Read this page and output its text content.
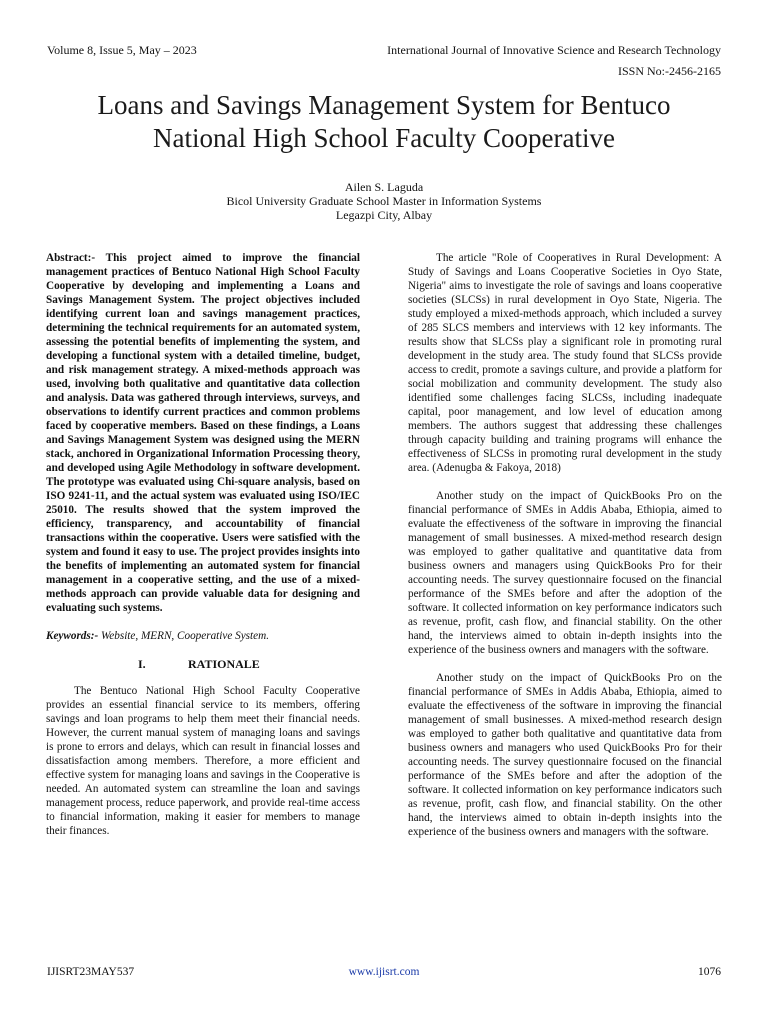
Volume 8, Issue 5, May – 2023	International Journal of Innovative Science and Research Technology
ISSN No:-2456-2165
Loans and Savings Management System for Bentuco
National High School Faculty Cooperative
Ailen S. Laguda
Bicol University Graduate School Master in Information Systems
Legazpi City, Albay

Abstract:- This project aimed to improve the financial management practices of Bentuco National High School Faculty Cooperative by developing and implementing a Loans and Savings Management System. The project objectives included identifying current loan and savings management practices, determining the technical requirements for an automated system, assessing the potential benefits of implementing the system, and developing a functional system with a detailed timeline, budget, and risk management strategy. A mixed-methods approach was used, involving both qualitative and quantitative data collection and analysis. Data was gathered through interviews, surveys, and observations to identify current practices and common problems faced by cooperative members. Based on these findings, a Loans and Savings Management System was designed using the MERN stack, anchored in Organizational Information Processing theory, and developed using Agile Methodology in software development. The prototype was evaluated using Chi-square analysis, based on ISO 9241-11, and the actual system was evaluated using ISO/IEC 25010. The results showed that the system improved the efficiency, transparency, and accountability of financial transactions within the cooperative. Users were satisfied with the system and found it easy to use. The project provides insights into the benefits of implementing an automated system for financial management in a cooperative setting, and the use of a mixed-methods approach can provide valuable data for designing and evaluating such systems.

Keywords:- Website, MERN, Cooperative System.

I.	RATIONALE

The Bentuco National High School Faculty Cooperative provides an essential financial service to its members, offering savings and loan programs to help them meet their financial needs. However, the current manual system of managing loans and savings is prone to errors and delays, which can result in financial losses and dissatisfaction among members. Therefore, a more efficient and effective system for managing loans and savings in the Cooperative is needed. An automated system can streamline the loan and savings management process, reduce paperwork, and provide real-time access to financial information, making it easier for members to manage their finances.

The article "Role of Cooperatives in Rural Development: A Study of Savings and Loans Cooperative Societies in Oyo State, Nigeria" aims to investigate the role of savings and loans cooperative societies (SLCSs) in rural development in Oyo State, Nigeria. The study employed a mixed-methods approach, which included a survey of 285 SLCS members and interviews with 12 key informants. The results show that SLCSs play a significant role in promoting rural development in the study area. The study found that SLCSs provide access to credit, promote a savings culture, and provide a platform for social mobilization and community development. The study also identified some challenges facing SLCSs, including inadequate capital, poor management, and low level of education among members. The authors suggest that addressing these challenges through capacity building and training programs will enhance the effectiveness of SLCSs in promoting rural development in the study area. (Adenugba & Fakoya, 2018)

Another study on the impact of QuickBooks Pro on the financial performance of SMEs in Addis Ababa, Ethiopia, aimed to evaluate the effectiveness of the software in improving the financial management of small businesses. A mixed-method research design was employed to gather qualitative and quantitative data from business owners and managers using QuickBooks Pro for their accounting needs. The survey questionnaire focused on the financial performance of the SMEs before and after the adoption of the software. It collected information on key performance indicators such as revenue, profit, cash flow, and financial stability. On the other hand, the interviews aimed to obtain in-depth insights into the experience of the business owners and managers with the software.

Another study on the impact of QuickBooks Pro on the financial performance of SMEs in Addis Ababa, Ethiopia, aimed to evaluate the effectiveness of the software in improving the financial management of small businesses. A mixed-method research design was employed to gather both qualitative and quantitative data from business owners and managers who used QuickBooks Pro for their accounting needs. The survey questionnaire focused on the financial performance of the SMEs before and after the adoption of the software. It collected information on key performance indicators such as revenue, profit, cash flow, and financial stability. On the other hand, the interviews aimed to obtain in-depth insights into the experience of the business owners and managers with the software.

IJISRT23MAY537	www.ijisrt.com	1076
